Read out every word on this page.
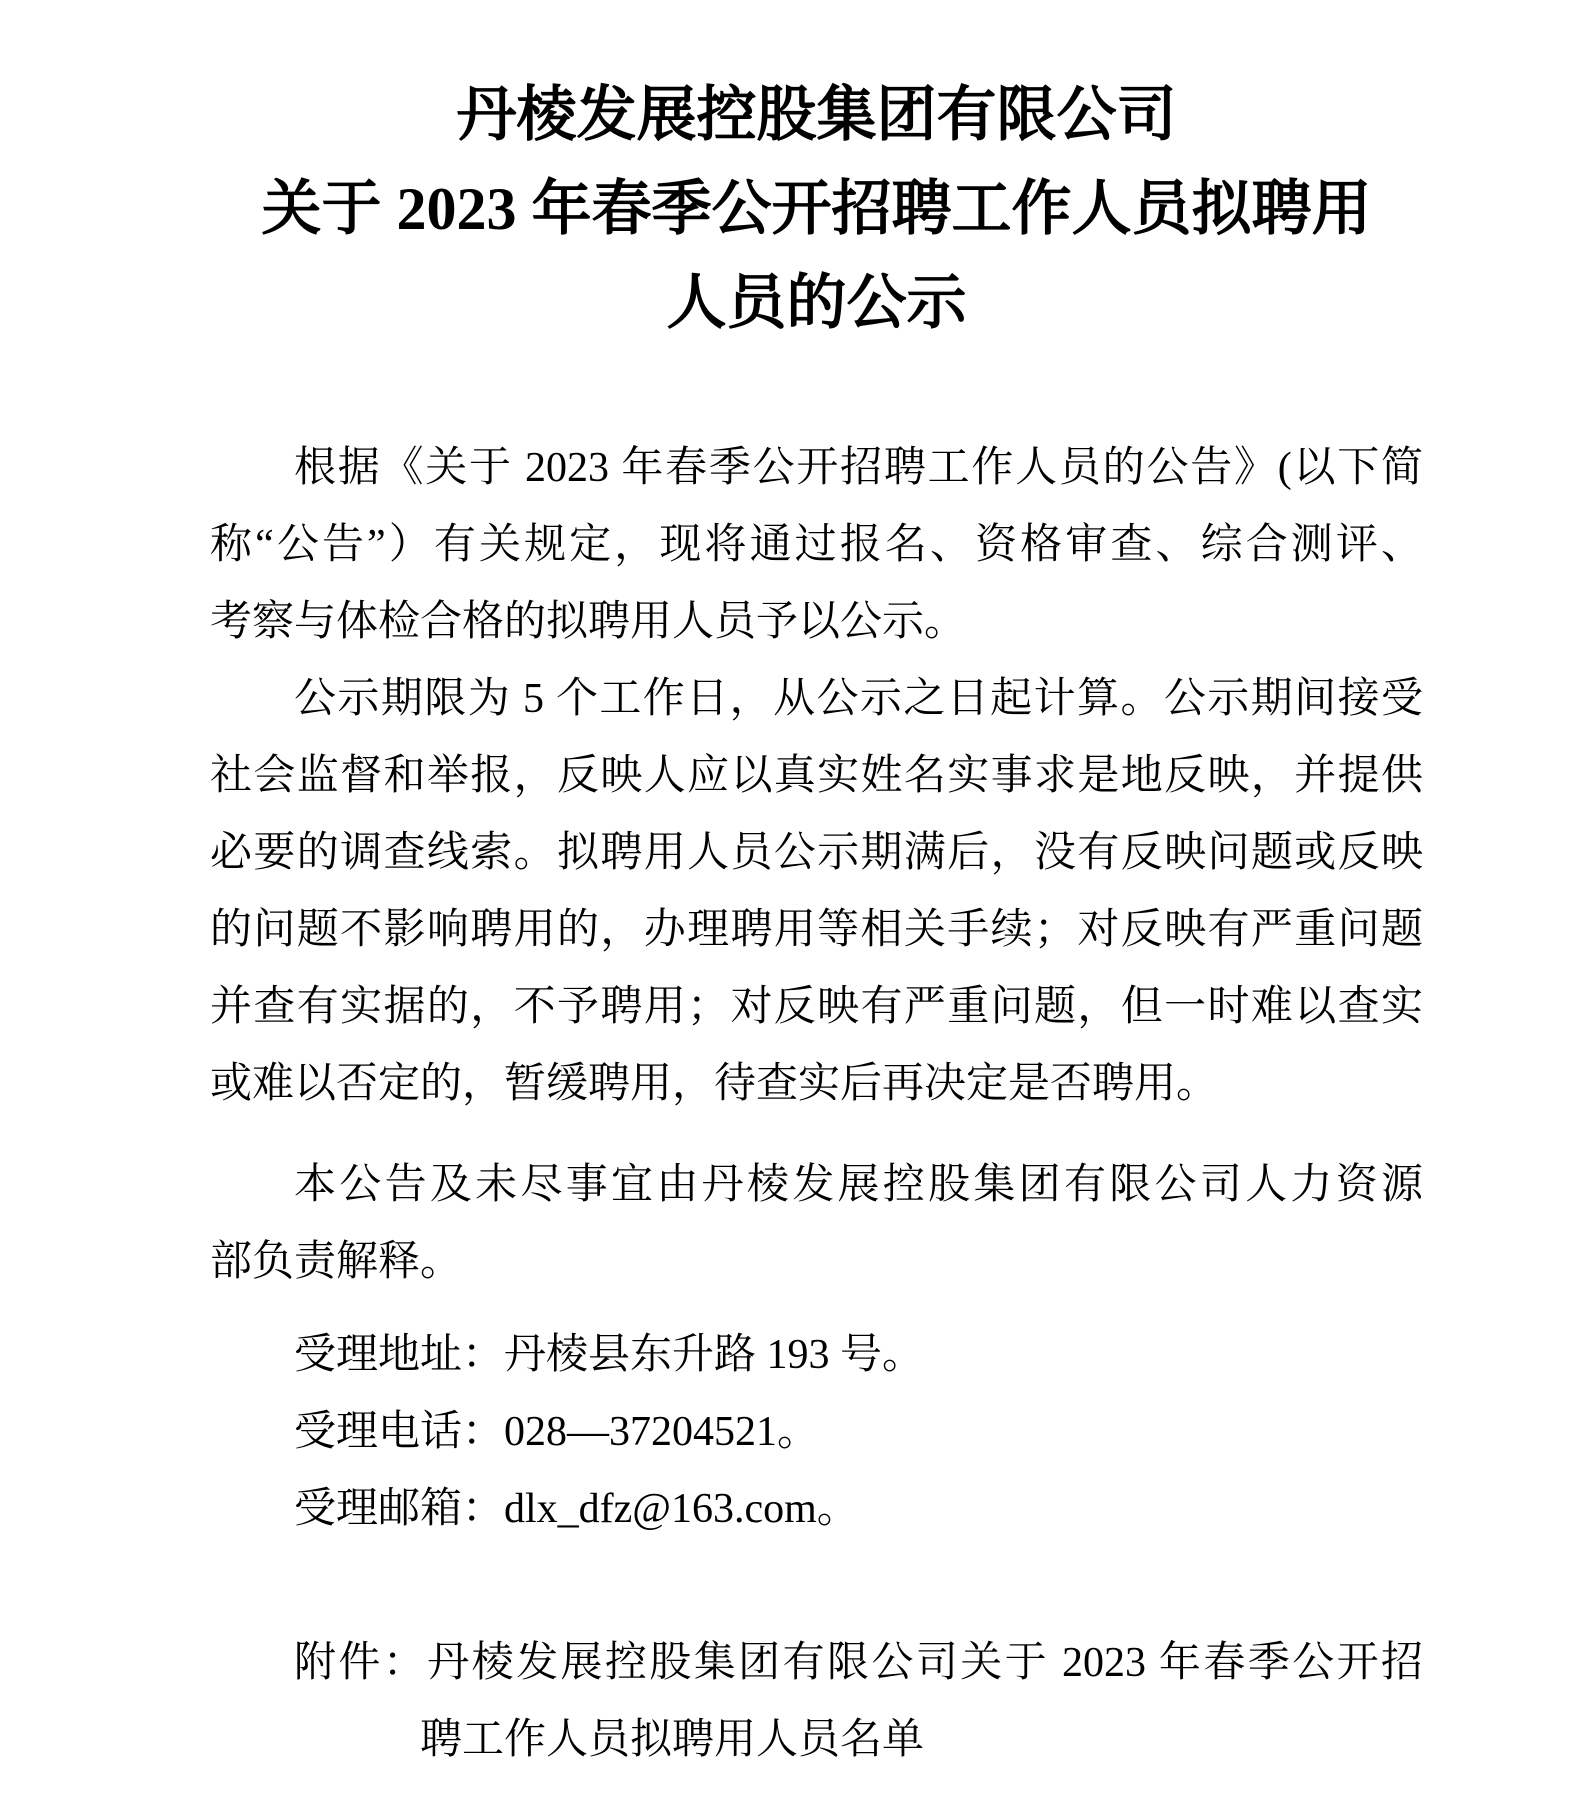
丹棱发展控股集团有限公司
关于 2023 年春季公开招聘工作人员拟聘用
人员的公示
根据《关于 2023 年春季公开招聘工作人员的公告》(以下简
称“公告”）有关规定，现将通过报名、资格审查、综合测评、
考察与体检合格的拟聘用人员予以公示。
公示期限为 5 个工作日，从公示之日起计算。公示期间接受
社会监督和举报，反映人应以真实姓名实事求是地反映，并提供
必要的调查线索。拟聘用人员公示期满后，没有反映问题或反映
的问题不影响聘用的，办理聘用等相关手续；对反映有严重问题
并查有实据的，不予聘用；对反映有严重问题，但一时难以查实
或难以否定的，暂缓聘用，待查实后再决定是否聘用。
本公告及未尽事宜由丹棱发展控股集团有限公司人力资源
部负责解释。
受理地址：丹棱县东升路 193 号。
受理电话：028—37204521。
受理邮箱：dlx_dfz@163.com。
附件：丹棱发展控股集团有限公司关于 2023 年春季公开招
聘工作人员拟聘用人员名单
